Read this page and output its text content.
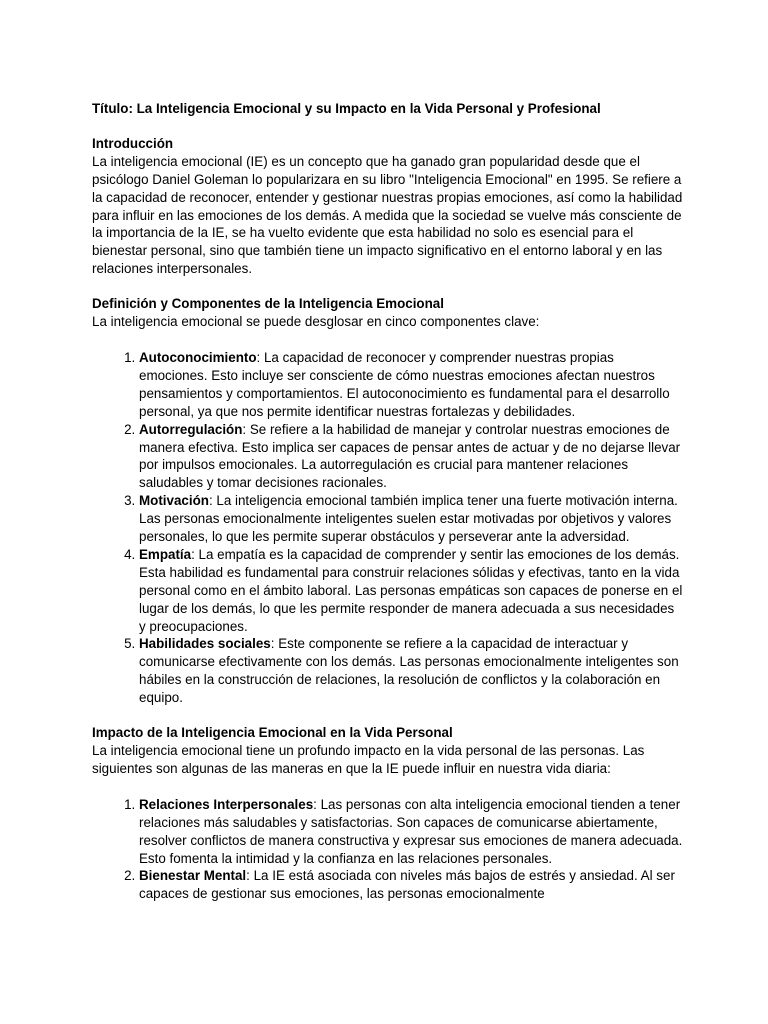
Título: La Inteligencia Emocional y su Impacto en la Vida Personal y Profesional

Introducción

La inteligencia emocional (IE) es un concepto que ha ganado gran popularidad desde que el psicólogo Daniel Goleman lo popularizara en su libro "Inteligencia Emocional" en 1995. Se refiere a la capacidad de reconocer, entender y gestionar nuestras propias emociones, así como la habilidad para influir en las emociones de los demás. A medida que la sociedad se vuelve más consciente de la importancia de la IE, se ha vuelto evidente que esta habilidad no solo es esencial para el bienestar personal, sino que también tiene un impacto significativo en el entorno laboral y en las relaciones interpersonales.

Definición y Componentes de la Inteligencia Emocional

La inteligencia emocional se puede desglosar en cinco componentes clave:

1. Autoconocimiento: La capacidad de reconocer y comprender nuestras propias emociones. Esto incluye ser consciente de cómo nuestras emociones afectan nuestros pensamientos y comportamientos. El autoconocimiento es fundamental para el desarrollo personal, ya que nos permite identificar nuestras fortalezas y debilidades.
2. Autorregulación: Se refiere a la habilidad de manejar y controlar nuestras emociones de manera efectiva. Esto implica ser capaces de pensar antes de actuar y de no dejarse llevar por impulsos emocionales. La autorregulación es crucial para mantener relaciones saludables y tomar decisiones racionales.
3. Motivación: La inteligencia emocional también implica tener una fuerte motivación interna. Las personas emocionalmente inteligentes suelen estar motivadas por objetivos y valores personales, lo que les permite superar obstáculos y perseverar ante la adversidad.
4. Empatía: La empatía es la capacidad de comprender y sentir las emociones de los demás. Esta habilidad es fundamental para construir relaciones sólidas y efectivas, tanto en la vida personal como en el ámbito laboral. Las personas empáticas son capaces de ponerse en el lugar de los demás, lo que les permite responder de manera adecuada a sus necesidades y preocupaciones.
5. Habilidades sociales: Este componente se refiere a la capacidad de interactuar y comunicarse efectivamente con los demás. Las personas emocionalmente inteligentes son hábiles en la construcción de relaciones, la resolución de conflictos y la colaboración en equipo.

Impacto de la Inteligencia Emocional en la Vida Personal

La inteligencia emocional tiene un profundo impacto en la vida personal de las personas. Las siguientes son algunas de las maneras en que la IE puede influir en nuestra vida diaria:

1. Relaciones Interpersonales: Las personas con alta inteligencia emocional tienden a tener relaciones más saludables y satisfactorias. Son capaces de comunicarse abiertamente, resolver conflictos de manera constructiva y expresar sus emociones de manera adecuada. Esto fomenta la intimidad y la confianza en las relaciones personales.
2. Bienestar Mental: La IE está asociada con niveles más bajos de estrés y ansiedad. Al ser capaces de gestionar sus emociones, las personas emocionalmente
